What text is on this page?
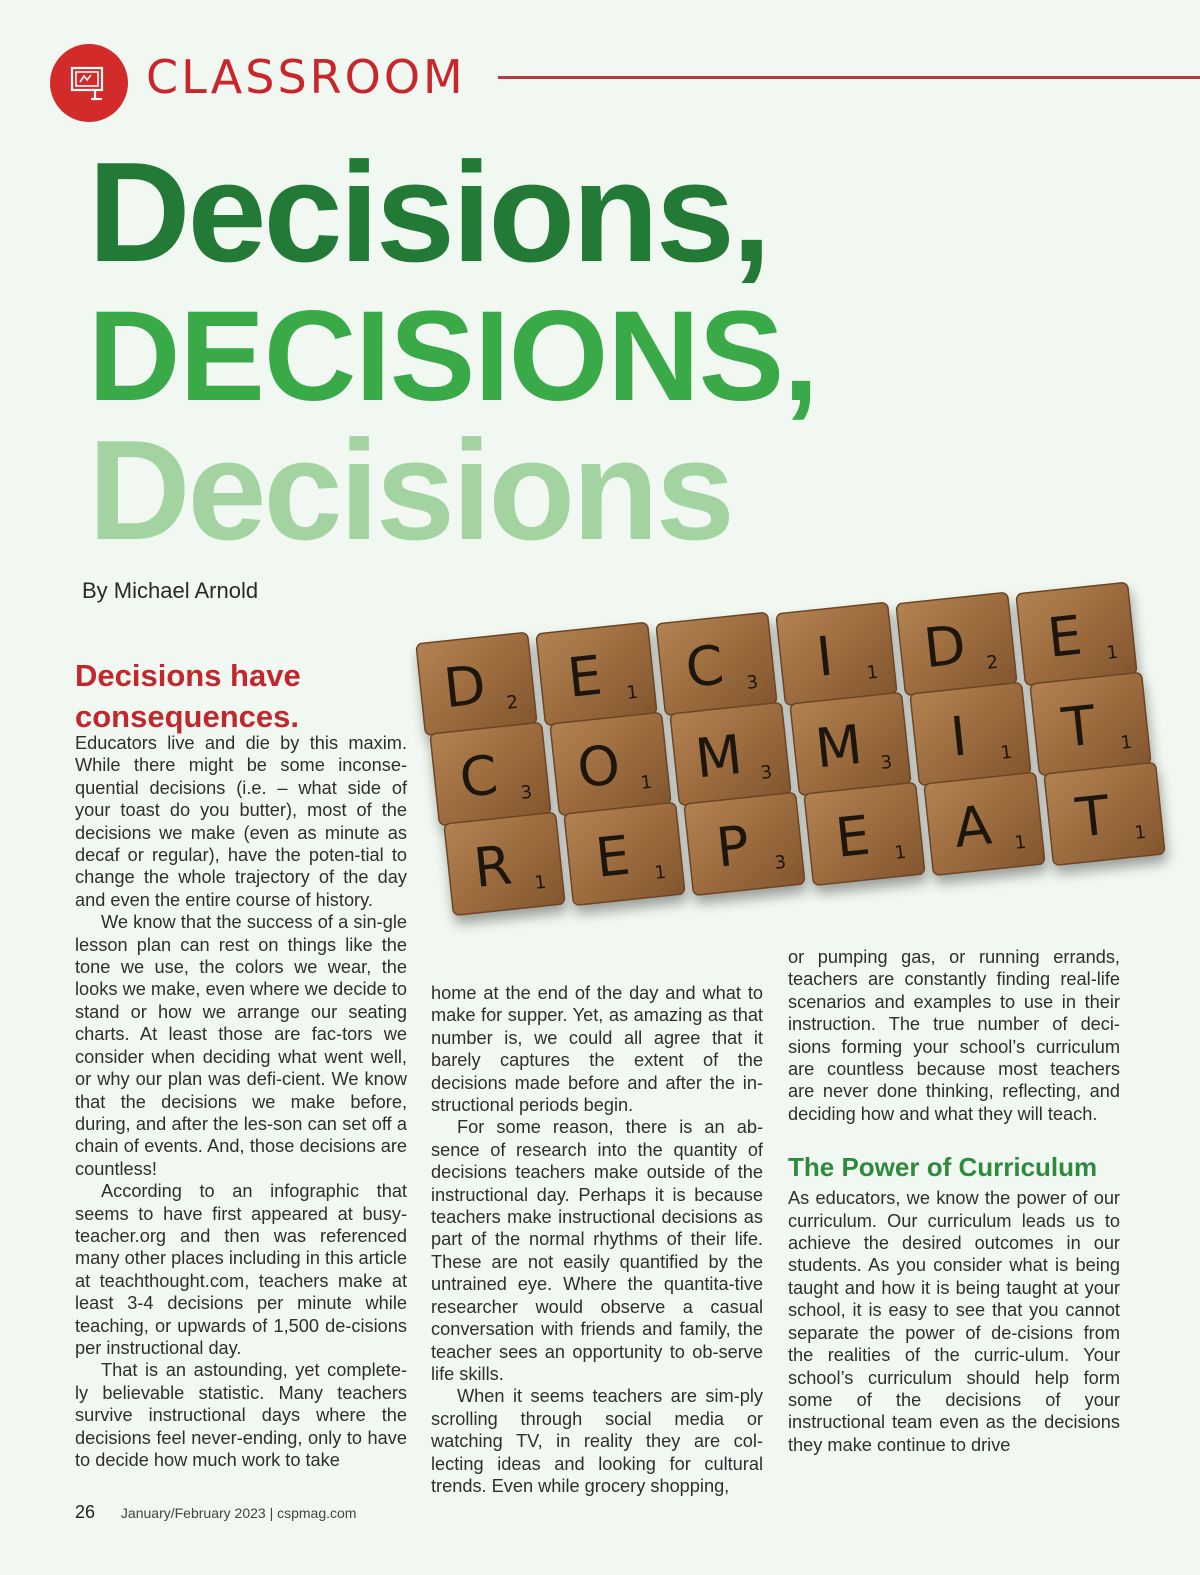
CLASSROOM
Decisions,
DECISIONS,
Decisions
By Michael Arnold
D 2 E 1 C 3 I 1 D 2 E 1
C 3 O 1 M 3 M 3 I 1 T 1
R 1 E 1 P 3 E 1 A 1 T 1
Decisions have consequences.

Educators live and die by this maxim. While there might be some inconse-quential decisions (i.e. – what side of your toast do you butter), most of the decisions we make (even as minute as decaf or regular), have the poten-tial to change the whole trajectory of the day and even the entire course of history.

We know that the success of a sin-gle lesson plan can rest on things like the tone we use, the colors we wear, the looks we make, even where we decide to stand or how we arrange our seating charts. At least those are fac-tors we consider when deciding what went well, or why our plan was defi-cient. We know that the decisions we make before, during, and after the les-son can set off a chain of events. And, those decisions are countless!

According to an infographic that seems to have first appeared at busy-teacher.org and then was referenced many other places including in this article at teachthought.com, teachers make at least 3-4 decisions per minute while teaching, or upwards of 1,500 de-cisions per instructional day.

That is an astounding, yet complete-ly believable statistic. Many teachers survive instructional days where the decisions feel never-ending, only to have to decide how much work to take

home at the end of the day and what to make for supper. Yet, as amazing as that number is, we could all agree that it barely captures the extent of the decisions made before and after the in-structional periods begin.

For some reason, there is an ab-sence of research into the quantity of decisions teachers make outside of the instructional day. Perhaps it is because teachers make instructional decisions as part of the normal rhythms of their life. These are not easily quantified by the untrained eye. Where the quantita-tive researcher would observe a casual conversation with friends and family, the teacher sees an opportunity to ob-serve life skills.

When it seems teachers are sim-ply scrolling through social media or watching TV, in reality they are col-lecting ideas and looking for cultural trends. Even while grocery shopping,

or pumping gas, or running errands, teachers are constantly finding real-life scenarios and examples to use in their instruction. The true number of deci-sions forming your school’s curriculum are countless because most teachers are never done thinking, reflecting, and deciding how and what they will teach.

The Power of Curriculum

As educators, we know the power of our curriculum. Our curriculum leads us to achieve the desired outcomes in our students. As you consider what is being taught and how it is being taught at your school, it is easy to see that you cannot separate the power of de-cisions from the realities of the curric-ulum. Your school’s curriculum should help form some of the decisions of your instructional team even as the decisions they make continue to drive

26 January/February 2023 | cspmag.com
